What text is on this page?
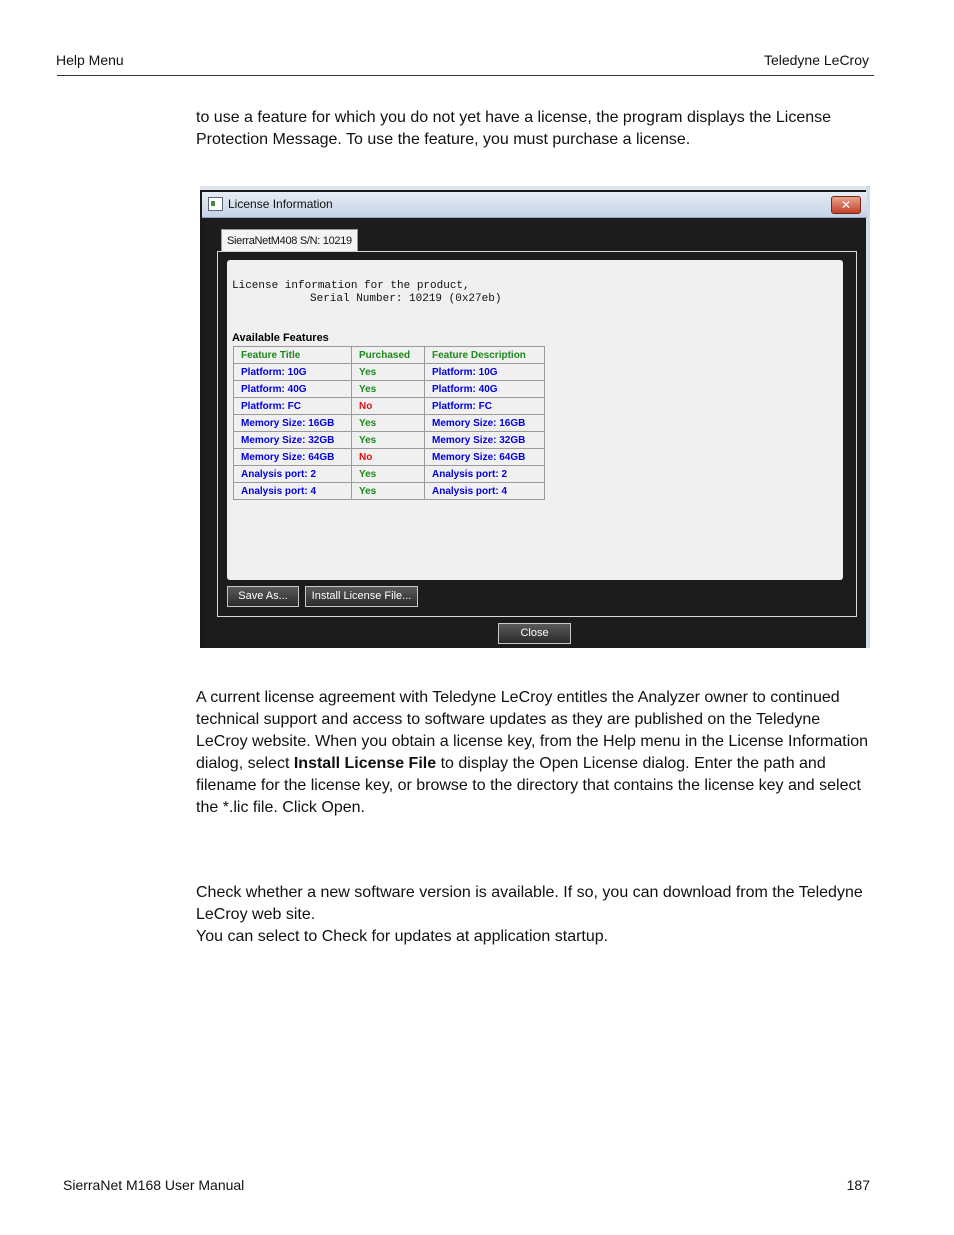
Help Menu	Teledyne LeCroy
to use a feature for which you do not yet have a license, the program displays the License Protection Message. To use the feature, you must purchase a license.
License Information	✕
SierraNetM408 S/N: 10219
License information for the product,
Serial Number: 10219 (0x27eb)
Available Features
Feature Title	Purchased	Feature Description
Platform: 10G	Yes	Platform: 10G
Platform: 40G	Yes	Platform: 40G
Platform: FC	No	Platform: FC
Memory Size: 16GB	Yes	Memory Size: 16GB
Memory Size: 32GB	Yes	Memory Size: 32GB
Memory Size: 64GB	No	Memory Size: 64GB
Analysis port: 2	Yes	Analysis port: 2
Analysis port: 4	Yes	Analysis port: 4
Save As...	Install License File...
Close
A current license agreement with Teledyne LeCroy entitles the Analyzer owner to continued technical support and access to software updates as they are published on the Teledyne LeCroy website. When you obtain a license key, from the Help menu in the License Information dialog, select Install License File to display the Open License dialog. Enter the path and filename for the license key, or browse to the directory that contains the license key and select the *.lic file. Click Open.
Check whether a new software version is available. If so, you can download from the Teledyne LeCroy web site.
You can select to Check for updates at application startup.
SierraNet M168 User Manual	187
